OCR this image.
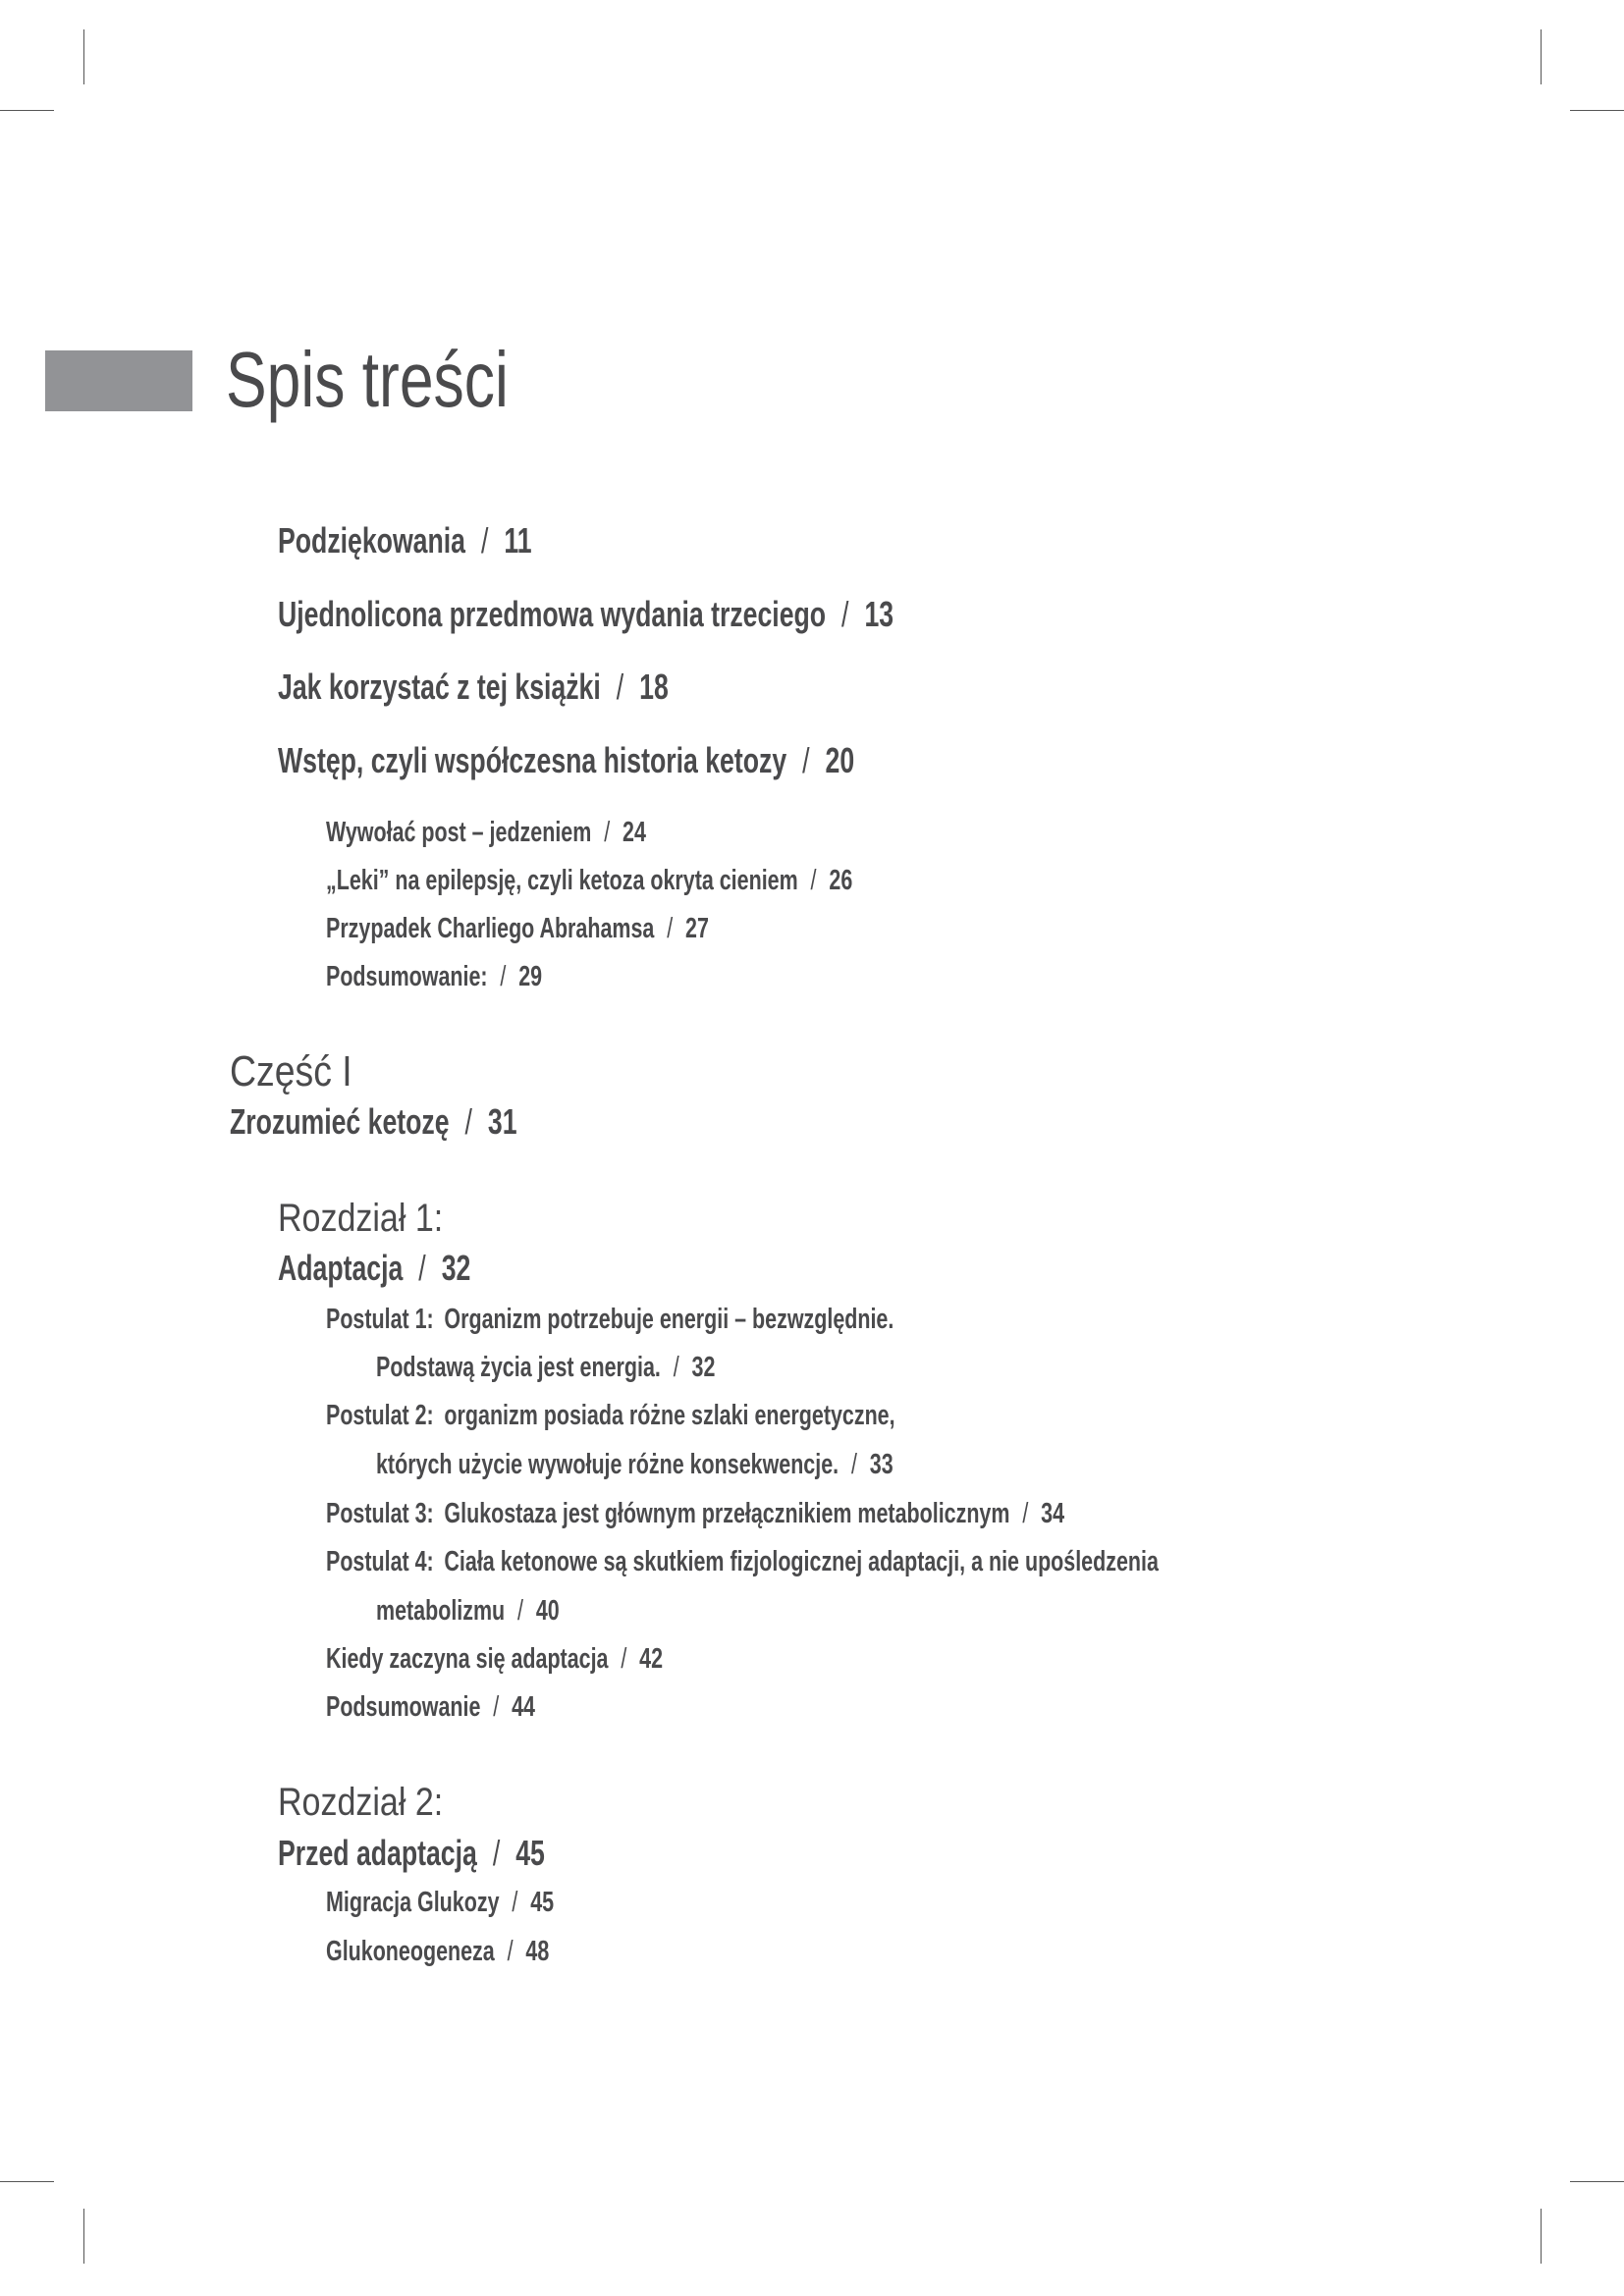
Spis treści
Podziękowania / 11
Ujednolicona przedmowa wydania trzeciego / 13
Jak korzystać z tej książki / 18
Wstęp, czyli współczesna historia ketozy / 20
Wywołać post – jedzeniem / 24
„Leki” na epilepsję, czyli ketoza okryta cieniem / 26
Przypadek Charliego Abrahamsa / 27
Podsumowanie: / 29
Część I
Zrozumieć ketozę / 31
Rozdział 1:
Adaptacja / 32
Postulat 1: Organizm potrzebuje energii – bezwzględnie.
Podstawą życia jest energia. / 32
Postulat 2: organizm posiada różne szlaki energetyczne,
których użycie wywołuje różne konsekwencje. / 33
Postulat 3: Glukostaza jest głównym przełącznikiem metabolicznym / 34
Postulat 4: Ciała ketonowe są skutkiem fizjologicznej adaptacji, a nie upośledzenia
metabolizmu / 40
Kiedy zaczyna się adaptacja / 42
Podsumowanie / 44
Rozdział 2:
Przed adaptacją / 45
Migracja Glukozy / 45
Glukoneogeneza / 48
